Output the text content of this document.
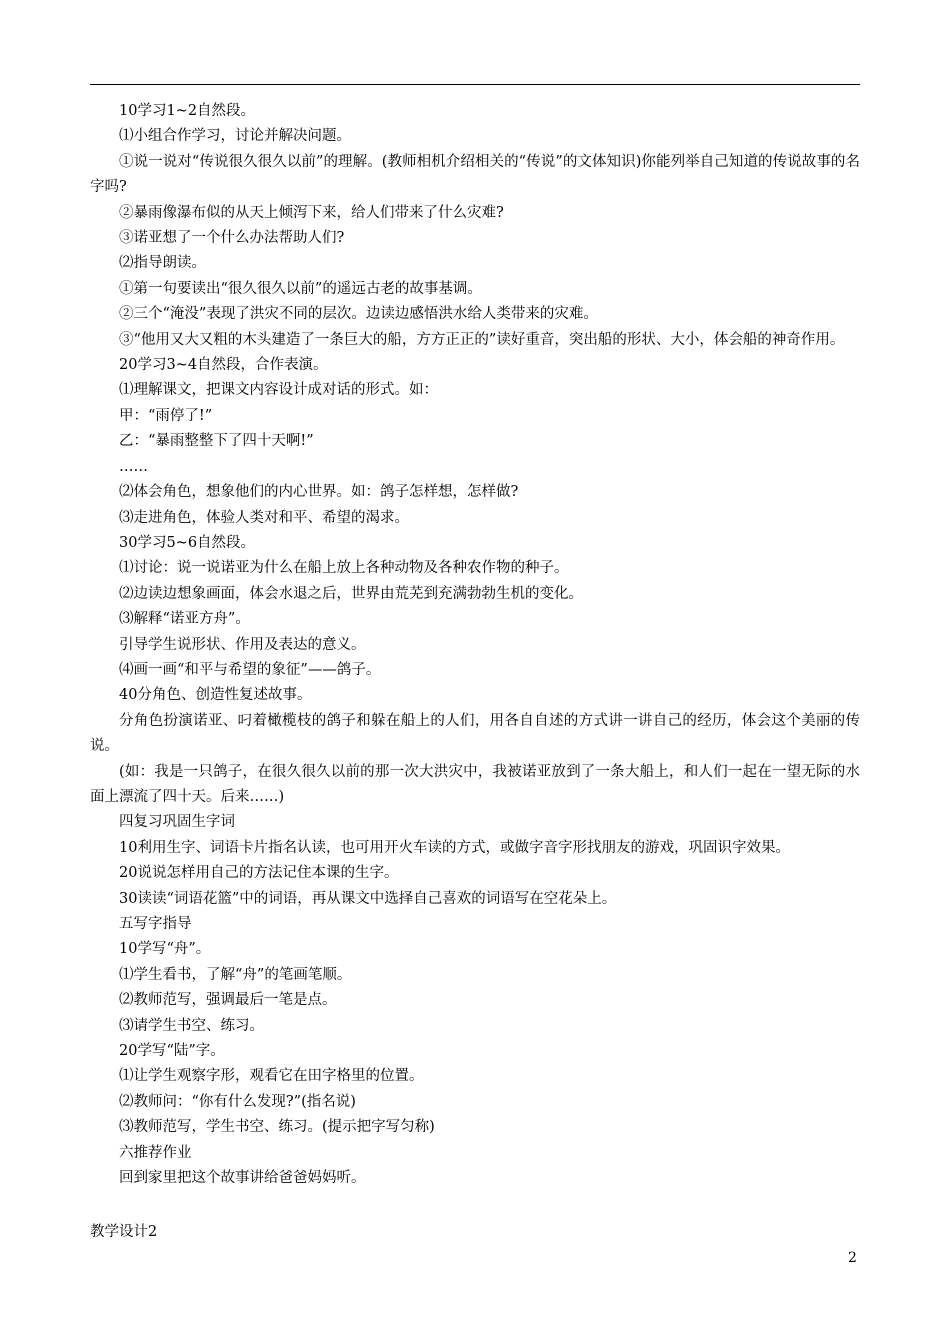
10学习1~2自然段。

⑴小组合作学习，讨论并解决问题。

①说一说对“传说很久很久以前”的理解。(教师相机介绍相关的“传说”的文体知识)你能列举自己知道的传说故事的名字吗?

②暴雨像瀑布似的从天上倾泻下来，给人们带来了什么灾难?

③诺亚想了一个什么办法帮助人们?

⑵指导朗读。

①第一句要读出“很久很久以前”的遥远古老的故事基调。

②三个“淹没”表现了洪灾不同的层次。边读边感悟洪水给人类带来的灾难。

③“他用又大又粗的木头建造了一条巨大的船，方方正正的”读好重音，突出船的形状、大小，体会船的神奇作用。

20学习3~4自然段，合作表演。

⑴理解课文，把课文内容设计成对话的形式。如：

甲：“雨停了!”

乙：“暴雨整整下了四十天啊!”

……

⑵体会角色，想象他们的内心世界。如：鸽子怎样想，怎样做?

⑶走进角色，体验人类对和平、希望的渴求。

30学习5~6自然段。

⑴讨论：说一说诺亚为什么在船上放上各种动物及各种农作物的种子。

⑵边读边想象画面，体会水退之后，世界由荒芜到充满勃勃生机的变化。

⑶解释“诺亚方舟”。

引导学生说形状、作用及表达的意义。

⑷画一画“和平与希望的象征”——鸽子。

40分角色、创造性复述故事。

分角色扮演诺亚、叼着橄榄枝的鸽子和躲在船上的人们，用各自自述的方式讲一讲自己的经历，体会这个美丽的传说。

(如：我是一只鸽子，在很久很久以前的那一次大洪灾中，我被诺亚放到了一条大船上，和人们一起在一望无际的水面上漂流了四十天。后来……)

四复习巩固生字词

10利用生字、词语卡片指名认读，也可用开火车读的方式，或做字音字形找朋友的游戏，巩固识字效果。

20说说怎样用自己的方法记住本课的生字。

30读读“词语花篮”中的词语，再从课文中选择自己喜欢的词语写在空花朵上。

五写字指导

10学写“舟”。

⑴学生看书，了解“舟”的笔画笔顺。

⑵教师范写，强调最后一笔是点。

⑶请学生书空、练习。

20学写“陆”字。

⑴让学生观察字形，观看它在田字格里的位置。

⑵教师问：“你有什么发现?”(指名说)

⑶教师范写，学生书空、练习。(提示把字写匀称)

六推荐作业

回到家里把这个故事讲给爸爸妈妈听。

教学设计2

2
